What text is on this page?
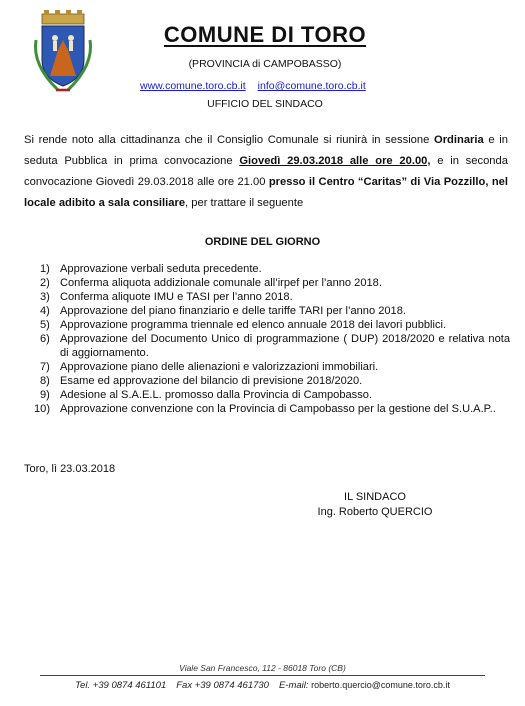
COMUNE DI TORO
(PROVINCIA di CAMPOBASSO)
www.comune.toro.cb.it info@comune.toro.cb.it
UFFICIO DEL SINDACO
Si rende noto alla cittadinanza che il Consiglio Comunale si riunirà in sessione Ordinaria e in seduta Pubblica in prima convocazione Giovedì 29.03.2018 alle ore 20.00, e in seconda convocazione Giovedì 29.03.2018 alle ore 21.00 presso il Centro “Caritas” di Via Pozzillo, nel locale adibito a sala consiliare, per trattare il seguente
ORDINE DEL GIORNO
1) Approvazione verbali seduta precedente.
2) Conferma aliquota addizionale comunale all’irpef per l’anno 2018.
3) Conferma aliquote IMU e TASI per l’anno 2018.
4) Approvazione del piano finanziario e delle tariffe TARI per l’anno 2018.
5) Approvazione programma triennale ed elenco annuale 2018 dei lavori pubblici.
6) Approvazione del Documento Unico di programmazione ( DUP) 2018/2020 e relativa nota di aggiornamento.
7) Approvazione piano delle alienazioni e valorizzazioni immobiliari.
8) Esame ed approvazione del bilancio di previsione 2018/2020.
9) Adesione al S.A.E.L. promosso dalla Provincia di Campobasso.
10) Approvazione convenzione con la Provincia di Campobasso per la gestione del S.U.A.P..
Toro, lì 23.03.2018
IL SINDACO
Ing. Roberto QUERCIO
Viale San Francesco, 112 - 86018 Toro (CB)
Tel. +39 0874 461101 Fax +39 0874 461730 E-mail: roberto.quercio@comune.toro.cb.it
